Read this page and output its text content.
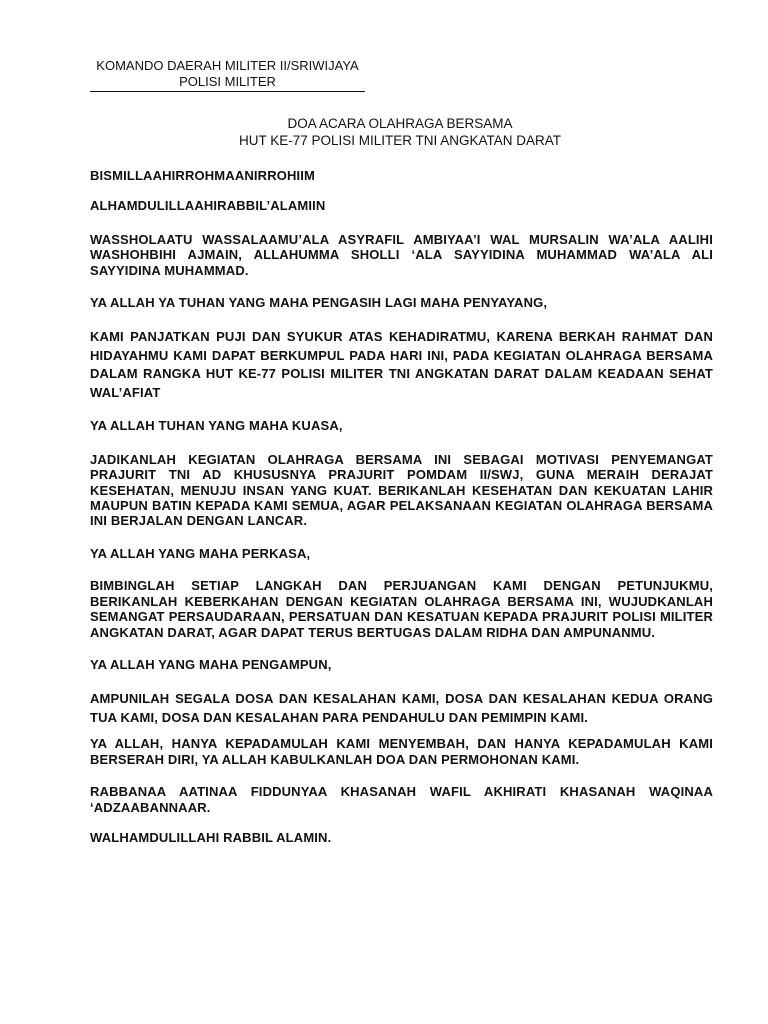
KOMANDO DAERAH MILITER II/SRIWIJAYA
POLISI MILITER
DOA ACARA OLAHRAGA BERSAMA
HUT KE-77 POLISI MILITER TNI ANGKATAN DARAT

BISMILLAAHIRROHMAANIRROHIIM

ALHAMDULILLAAHIRABBIL’ALAMIIN

WASSHOLAATU WASSALAAMU’ALA ASYRAFIL AMBIYAA’I WAL MURSALIN WA’ALA AALIHI WASHOHBIHI AJMAIN, ALLAHUMMA SHOLLI ‘ALA SAYYIDINA MUHAMMAD WA’ALA ALI SAYYIDINA MUHAMMAD.

YA ALLAH YA TUHAN YANG MAHA PENGASIH LAGI MAHA PENYAYANG,

KAMI PANJATKAN PUJI DAN SYUKUR ATAS KEHADIRATMU, KARENA BERKAH RAHMAT DAN HIDAYAHMU KAMI DAPAT BERKUMPUL PADA HARI INI, PADA KEGIATAN OLAHRAGA BERSAMA DALAM RANGKA HUT KE-77 POLISI MILITER TNI ANGKATAN DARAT DALAM KEADAAN SEHAT WAL’AFIAT

YA ALLAH TUHAN YANG MAHA KUASA,

JADIKANLAH KEGIATAN OLAHRAGA BERSAMA INI SEBAGAI MOTIVASI PENYEMANGAT PRAJURIT TNI AD KHUSUSNYA PRAJURIT POMDAM II/SWJ, GUNA MERAIH DERAJAT KESEHATAN, MENUJU INSAN YANG KUAT. BERIKANLAH KESEHATAN DAN KEKUATAN LAHIR MAUPUN BATIN KEPADA KAMI SEMUA, AGAR PELAKSANAAN KEGIATAN OLAHRAGA BERSAMA INI BERJALAN DENGAN LANCAR.

YA ALLAH YANG MAHA PERKASA,

BIMBINGLAH SETIAP LANGKAH DAN PERJUANGAN KAMI DENGAN PETUNJUKMU, BERIKANLAH KEBERKAHAN DENGAN KEGIATAN OLAHRAGA BERSAMA INI, WUJUDKANLAH SEMANGAT PERSAUDARAAN, PERSATUAN DAN KESATUAN KEPADA PRAJURIT POLISI MILITER ANGKATAN DARAT, AGAR DAPAT TERUS BERTUGAS DALAM RIDHA DAN AMPUNANMU.

YA ALLAH YANG MAHA PENGAMPUN,

AMPUNILAH SEGALA DOSA DAN KESALAHAN KAMI, DOSA DAN KESALAHAN KEDUA ORANG TUA KAMI, DOSA DAN KESALAHAN PARA PENDAHULU DAN PEMIMPIN KAMI.

YA ALLAH, HANYA KEPADAMULAH KAMI MENYEMBAH, DAN HANYA KEPADAMULAH KAMI BERSERAH DIRI, YA ALLAH KABULKANLAH DOA DAN PERMOHONAN KAMI.

RABBANAA AATINAA FIDDUNYAA KHASANAH WAFIL AKHIRATI KHASANAH WAQINAA ‘ADZAABANNAAR.

WALHAMDULILLAHI RABBIL ALAMIN.
